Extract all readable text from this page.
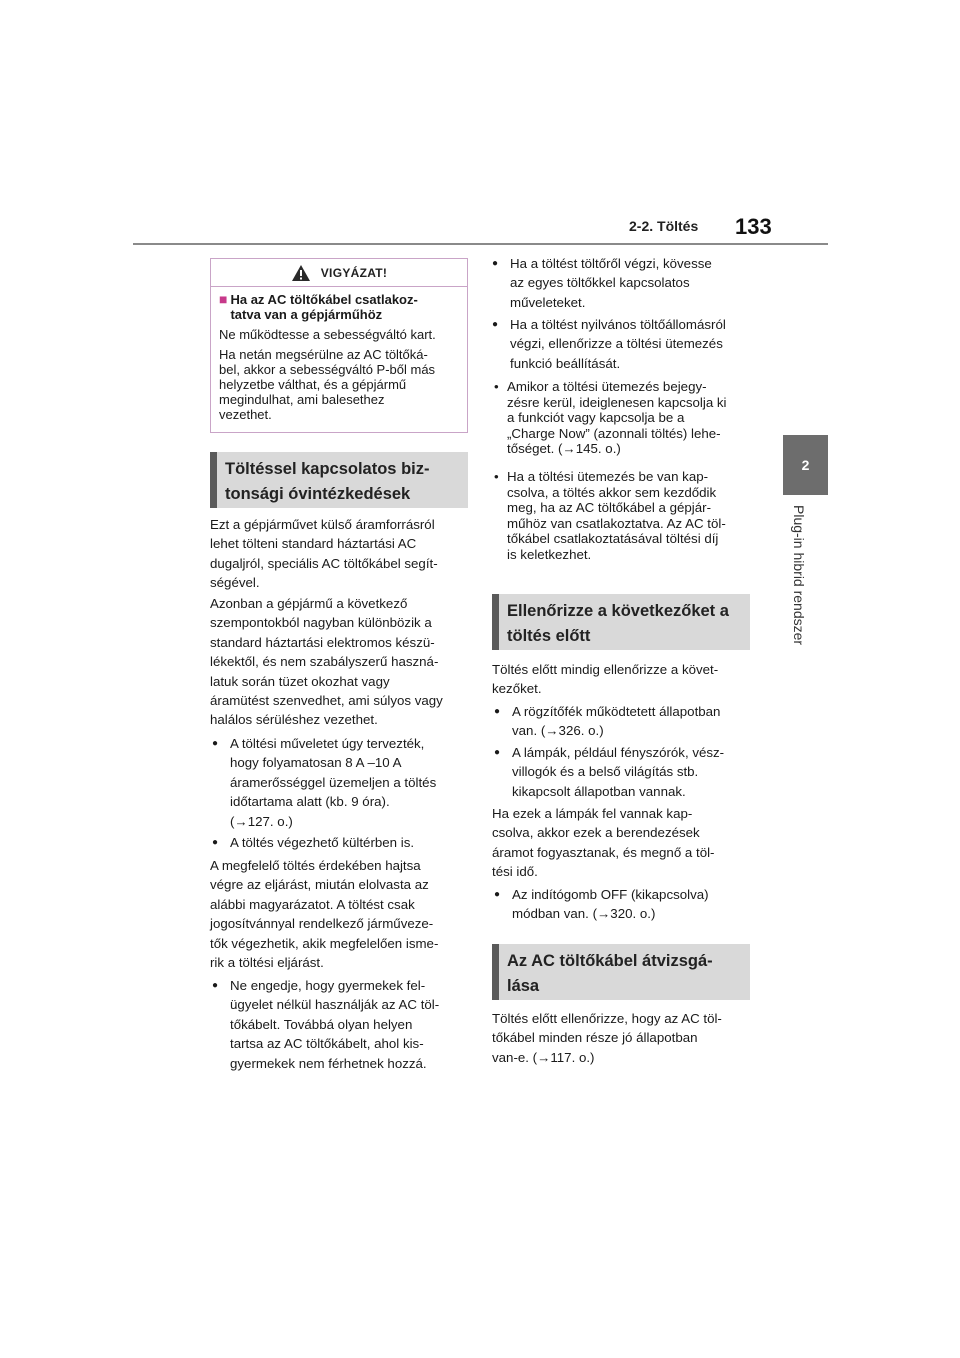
2-2. Töltés 133
2
Plug-in hibrid rendszer
VIGYÁZAT!

■ Ha az AC töltőkábel csatlakoz-
tatva van a gépjárműhöz

Ne működtesse a sebességváltó kart.

Ha netán megsérülne az AC töltőká-
bel, akkor a sebességváltó P-ből más
helyzetbe válthat, és a gépjármű
megindulhat, ami balesethez
vezethet.

Töltéssel kapcsolatos biz-
tonsági óvintézkedések

Ezt a gépjárművet külső áramforrásról
lehet tölteni standard háztartási AC
dugaljról, speciális AC töltőkábel segít-
ségével.

Azonban a gépjármű a következő
szempontokból nagyban különbözik a
standard háztartási elektromos készü-
lékektől, és nem szabályszerű haszná-
latuk során tüzet okozhat vagy
áramütést szenvedhet, ami súlyos vagy
halálos sérüléshez vezethet.

● A töltési műveletet úgy tervezték,
hogy folyamatosan 8 A –10 A
áramerősséggel üzemeljen a töltés
időtartama alatt (kb. 9 óra).
(→127. o.)
● A töltés végezhető kültérben is.

A megfelelő töltés érdekében hajtsa
végre az eljárást, miután elolvasta az
alábbi magyarázatot. A töltést csak
jogosítvánnyal rendelkező járműveze-
tők végezhetik, akik megfelelően isme-
rik a töltési eljárást.

● Ne engedje, hogy gyermekek fel-
ügyelet nélkül használják az AC töl-
tőkábelt. Továbbá olyan helyen
tartsa az AC töltőkábelt, ahol kis-
gyermekek nem férhetnek hozzá.
● Ha a töltést töltőről végzi, kövesse
az egyes töltőkkel kapcsolatos
műveleteket.
● Ha a töltést nyilvános töltőállomásról
végzi, ellenőrizze a töltési ütemezés
funkció beállítását.
• Amikor a töltési ütemezés bejegy-
zésre kerül, ideiglenesen kapcsolja ki
a funkciót vagy kapcsolja be a
„Charge Now” (azonnali töltés) lehe-
tőséget. (→145. o.)
• Ha a töltési ütemezés be van kap-
csolva, a töltés akkor sem kezdődik
meg, ha az AC töltőkábel a gépjár-
műhöz van csatlakoztatva. Az AC töl-
tőkábel csatlakoztatásával töltési díj
is keletkezhet.
Ellenőrizze a következőket a
töltés előtt

Töltés előtt mindig ellenőrizze a követ-
kezőket.

● A rögzítőfék működtetett állapotban
van. (→326. o.)
● A lámpák, például fényszórók, vész-
villogók és a belső világítás stb.
kikapcsolt állapotban vannak.

Ha ezek a lámpák fel vannak kap-
csolva, akkor ezek a berendezések
áramot fogyasztanak, és megnő a töl-
tési idő.

● Az indítógomb OFF (kikapcsolva)
módban van. (→320. o.)
Az AC töltőkábel átvizsgá-
lása

Töltés előtt ellenőrizze, hogy az AC töl-
tőkábel minden része jó állapotban
van-e. (→117. o.)
